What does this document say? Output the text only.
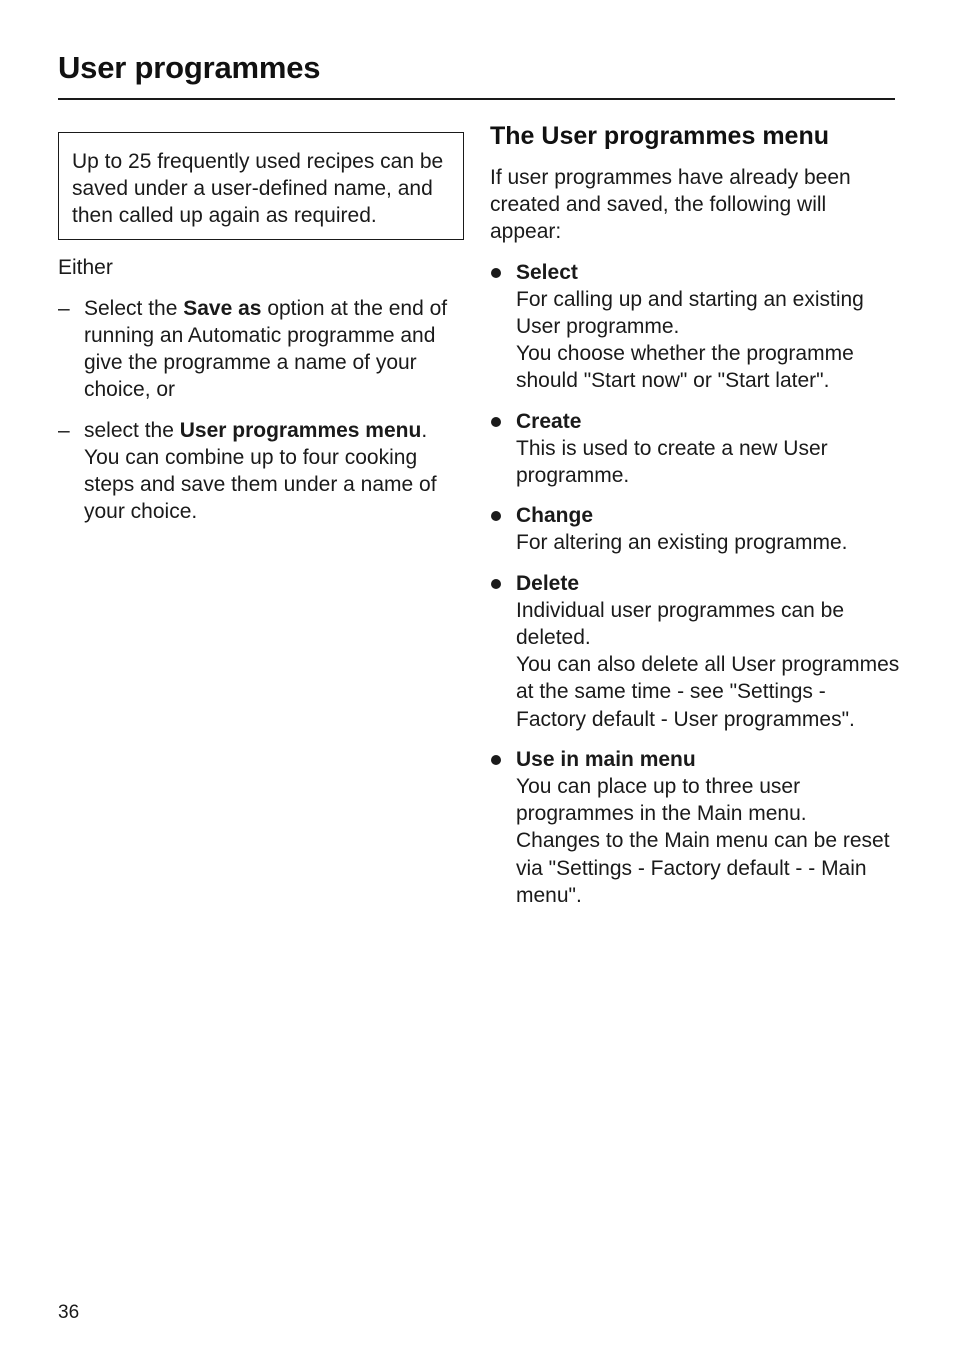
User programmes
Up to 25 frequently used recipes can be saved under a user-defined name, and then called up again as required.
Either
– Select the Save as option at the end of running an Automatic programme and give the programme a name of your choice, or
– select the User programmes menu. You can combine up to four cooking steps and save them under a name of your choice.
The User programmes menu
If user programmes have already been created and saved, the following will appear:
Select
For calling up and starting an existing User programme.
You choose whether the programme should "Start now" or "Start later".
Create
This is used to create a new User programme.
Change
For altering an existing programme.
Delete
Individual user programmes can be deleted.
You can also delete all User programmes at the same time - see "Settings - Factory default - User programmes".
Use in main menu
You can place up to three user programmes in the Main menu.
Changes to the Main menu can be reset via "Settings - Factory default - - Main menu".
36
